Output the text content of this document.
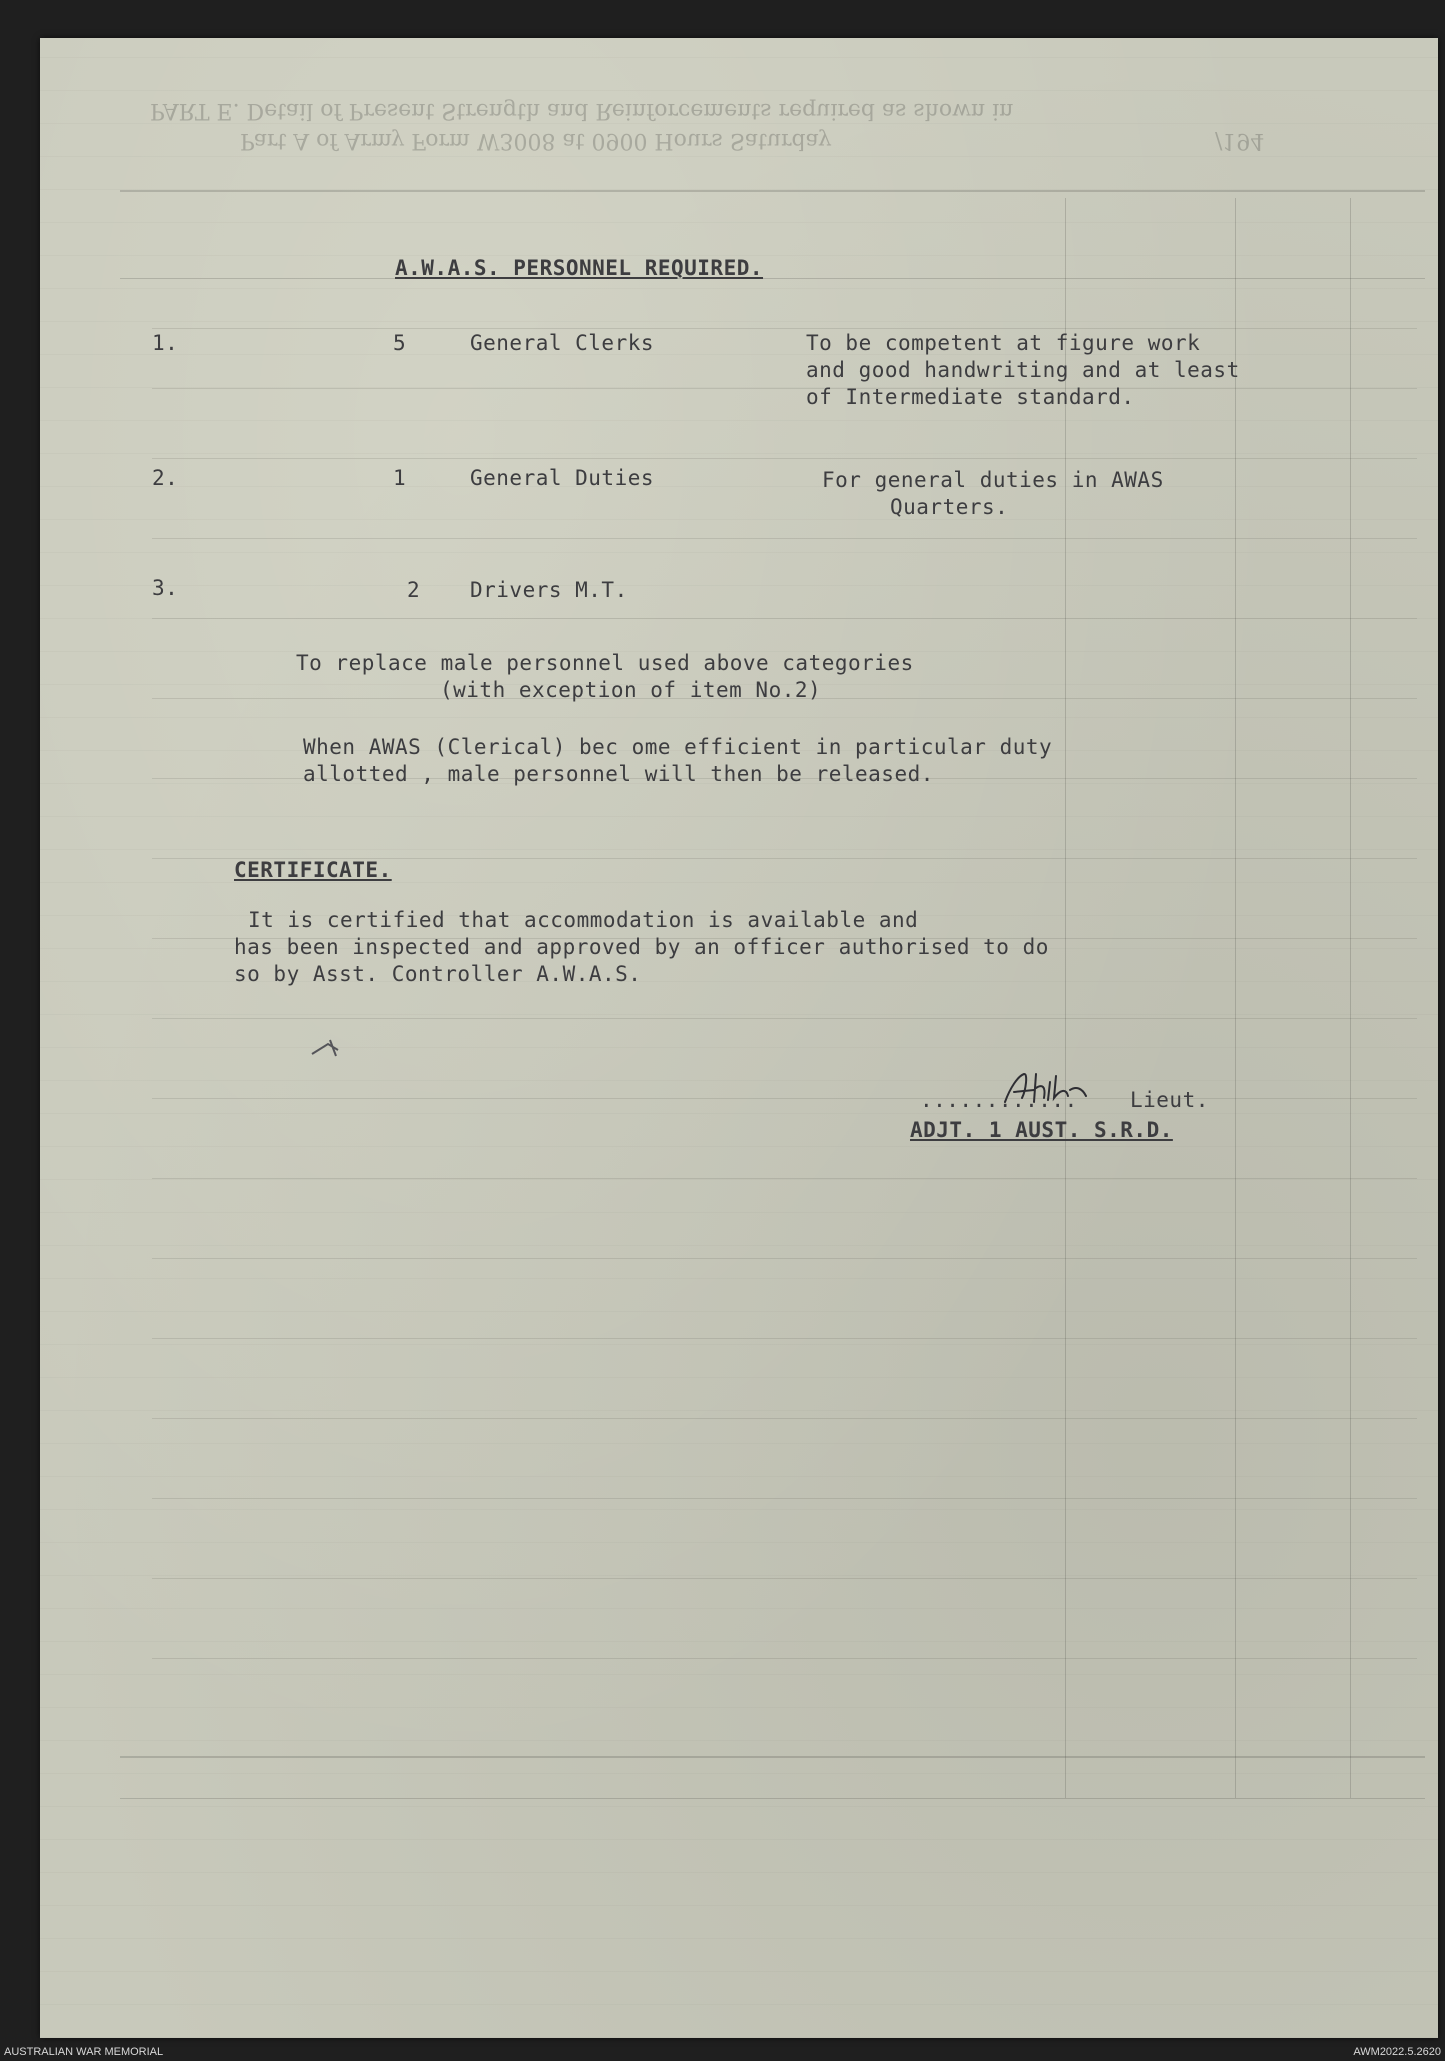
PART E. Detail of Present Strength and Reinforcements required as shown in
Part A of Army Form W3008 at 0900 Hours Saturday	/194
A.W.A.S. PERSONNEL REQUIRED.
1.	5	General Clerks	To be competent at figure work
and good handwriting and at least
of Intermediate standard.
2.	1	General Duties	For general duties in AWAS
Quarters.
3.	2 Drivers M.T.
To replace male personnel used above categories
(with exception of item No.2)
When AWAS (Clerical) bec ome efficient in particular duty
allotted , male personnel will then be released.
CERTIFICATE.
It is certified that accommodation is available and
has been inspected and approved by an officer authorised to do
so by Asst. Controller A.W.A.S.
............ Lieut.
ADJT. 1 AUST. S.R.D.
AUSTRALIAN WAR MEMORIAL	AWM2022.5.2620
